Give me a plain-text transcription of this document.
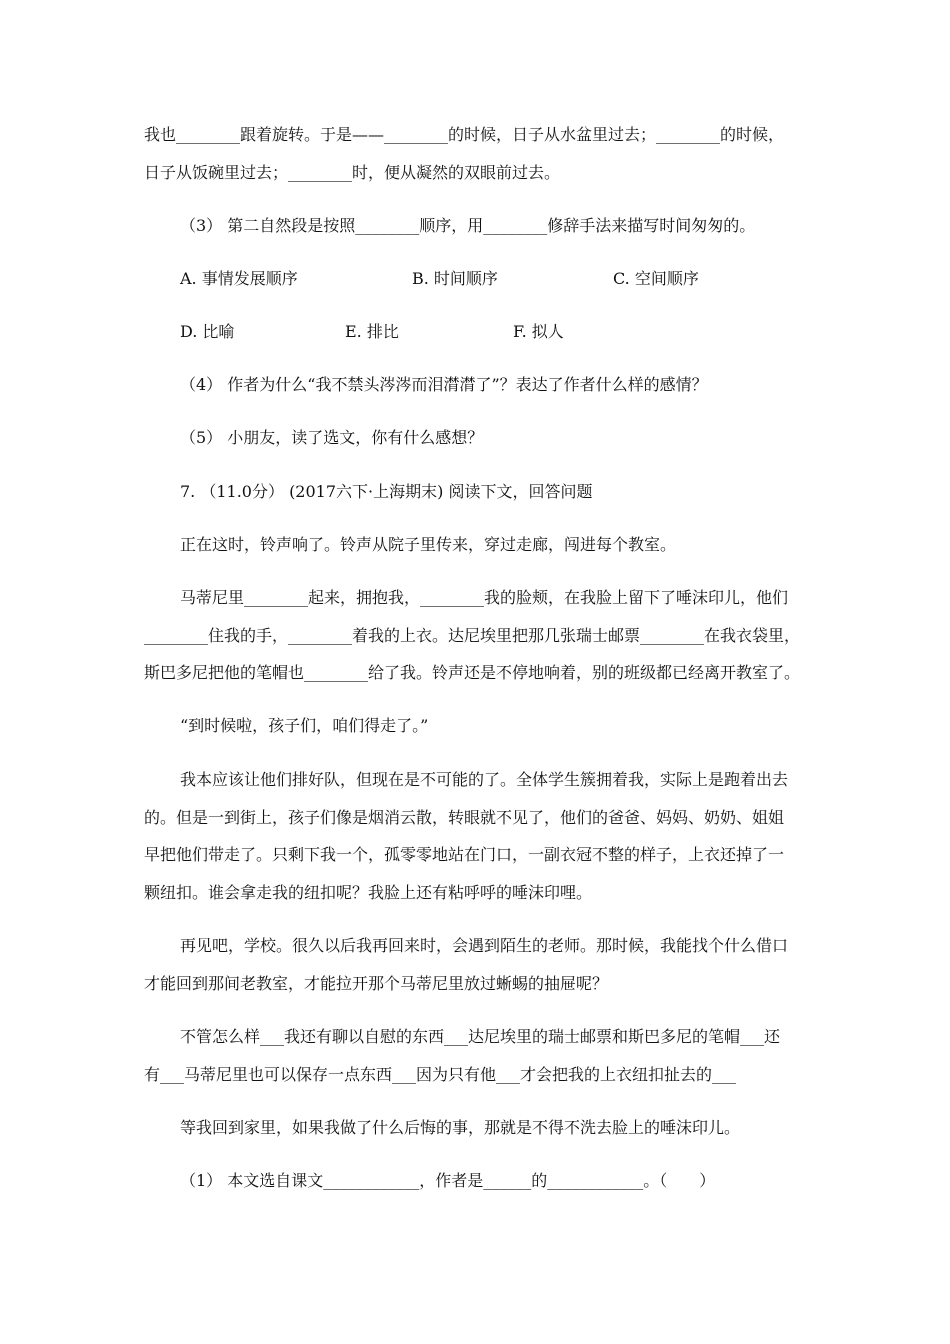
我也________跟着旋转。于是——________的时候，日子从水盆里过去；________的时候，
日子从饭碗里过去；________时，便从凝然的双眼前过去。
（3） 第二自然段是按照________顺序，用________修辞手法来描写时间匆匆的。
A. 事情发展顺序	B. 时间顺序	C. 空间顺序
D. 比喻	E. 排比	F. 拟人
（4） 作者为什么“我不禁头涔涔而泪潸潸了”？表达了作者什么样的感情？
（5） 小朋友，读了选文，你有什么感想？
7. （11.0分） (2017六下·上海期末) 阅读下文，回答问题
正在这时，铃声响了。铃声从院子里传来，穿过走廊，闯进每个教室。
马蒂尼里________起来，拥抱我，________我的脸颊，在我脸上留下了唾沫印儿，他们
________住我的手，________着我的上衣。达尼埃里把那几张瑞士邮票________在我衣袋里，
斯巴多尼把他的笔帽也________给了我。铃声还是不停地响着，别的班级都已经离开教室了。
“到时候啦，孩子们，咱们得走了。”
我本应该让他们排好队，但现在是不可能的了。全体学生簇拥着我，实际上是跑着出去
的。但是一到街上，孩子们像是烟消云散，转眼就不见了，他们的爸爸、妈妈、奶奶、姐姐
早把他们带走了。只剩下我一个，孤零零地站在门口，一副衣冠不整的样子，上衣还掉了一
颗纽扣。谁会拿走我的纽扣呢？我脸上还有粘呼呼的唾沫印哩。
再见吧，学校。很久以后我再回来时，会遇到陌生的老师。那时候，我能找个什么借口
才能回到那间老教室，才能拉开那个马蒂尼里放过蜥蜴的抽屉呢？
不管怎么样___我还有聊以自慰的东西___达尼埃里的瑞士邮票和斯巴多尼的笔帽___还
有___马蒂尼里也可以保存一点东西___因为只有他___才会把我的上衣纽扣扯去的___
等我回到家里，如果我做了什么后悔的事，那就是不得不洗去脸上的唾沫印儿。
（1） 本文选自课文____________，作者是______的____________。（　　）
